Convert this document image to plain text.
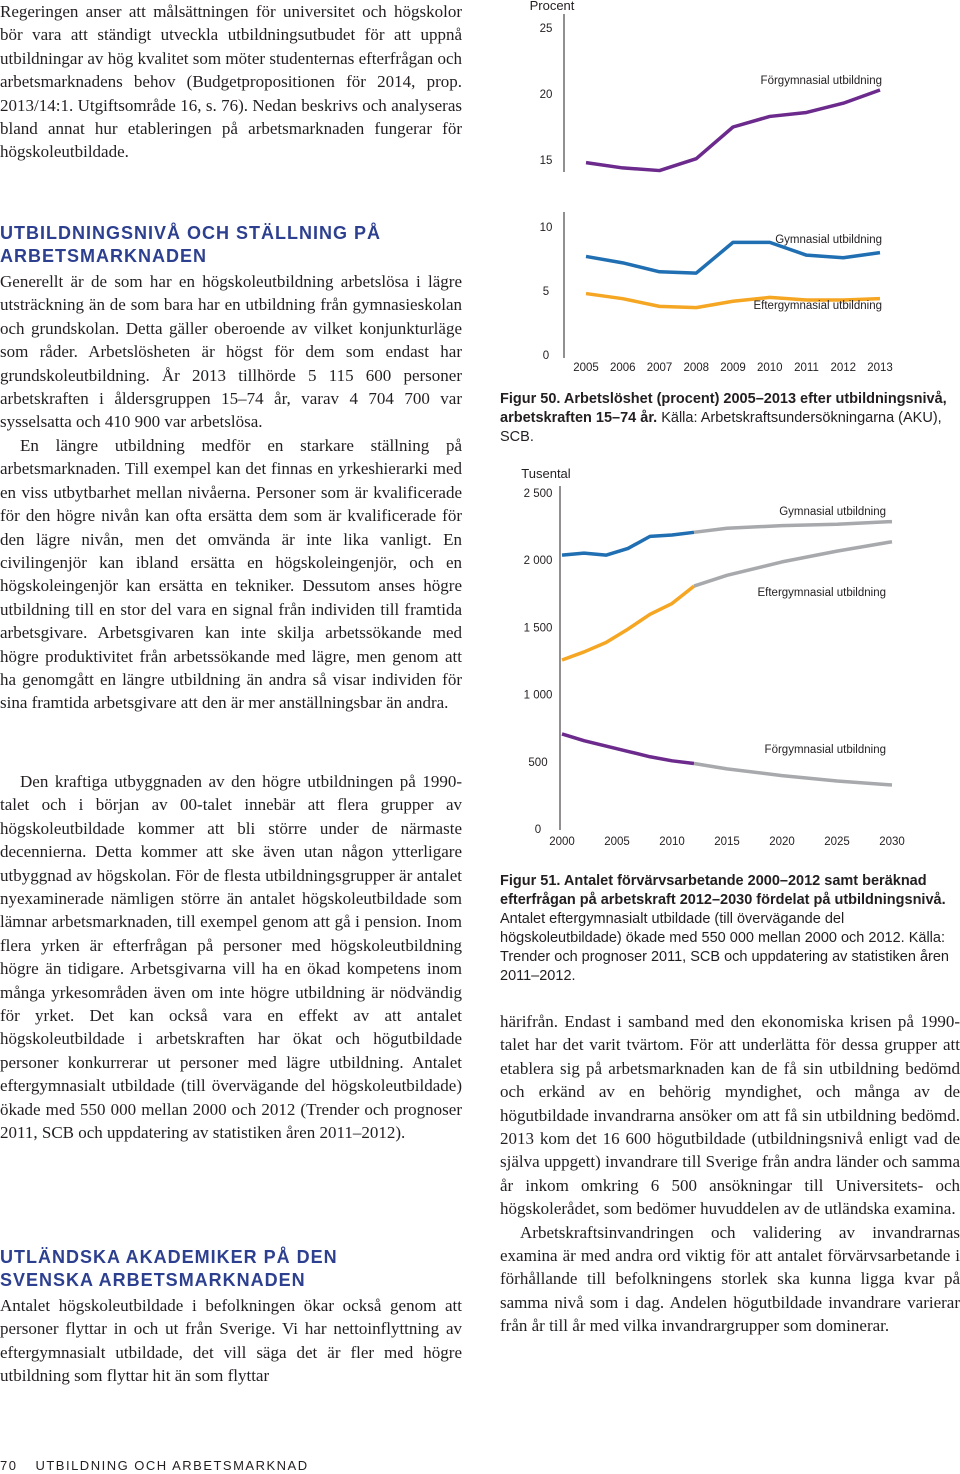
Regeringen anser att målsättningen för universitet och högskolor bör vara att ständigt utveckla utbildningsutbudet för att uppnå utbildningar av hög kvalitet som möter studenternas efterfrågan och arbetsmarknadens behov (Budgetpropositionen för 2014, prop. 2013/14:1. Utgiftsområde 16, s. 76). Nedan beskrivs och analyseras bland annat hur etableringen på arbetsmarknaden fungerar för högskoleutbildade.

UTBILDNINGSNIVÅ OCH STÄLLNING PÅ ARBETSMARKNADEN

Generellt är de som har en högskoleutbildning arbetslösa i lägre utsträckning än de som bara har en utbildning från gymnasieskolan och grundskolan. Detta gäller oberoende av vilket konjunkturläge som råder. Arbetslösheten är högst för dem som endast har grundskoleutbildning. År 2013 tillhörde 5 115 600 personer arbetskraften i åldersgruppen 15–74 år, varav 4 704 700 var sysselsatta och 410 900 var arbetslösa.

En längre utbildning medför en starkare ställning på arbetsmarknaden. Till exempel kan det finnas en yrkeshierarki med en viss utbytbarhet mellan nivåerna. Personer som är kvalificerade för den högre nivån kan ofta ersätta dem som är kvalificerade för den lägre nivån, men det omvända är inte lika vanligt. En civilingenjör kan ibland ersätta en högskoleingenjör, och en högskoleingenjör kan ersätta en tekniker. Dessutom anses högre utbildning till en stor del vara en signal från individen till framtida arbetsgivare. Arbetsgivaren kan inte skilja arbetssökande med högre produktivitet från arbetssökande med lägre, men genom att ha genomgått en längre utbildning än andra så visar individen för sina framtida arbetsgivare att den är mer anställningsbar än andra.

Den kraftiga utbyggnaden av den högre utbildningen på 1990-talet och i början av 00-talet innebär att flera grupper av högskoleutbildade kommer att bli större under de närmaste decennierna. Detta kommer att ske även utan någon ytterligare utbyggnad av högskolan. För de flesta utbildningsgrupper är antalet nyexaminerade nämligen större än antalet högskoleutbildade som lämnar arbetsmarknaden, till exempel genom att gå i pension. Inom flera yrken är efterfrågan på personer med högskoleutbildning högre än tidigare. Arbetsgivarna vill ha en ökad kompetens inom många yrkesområden även om inte högre utbildning är nödvändig för yrket. Det kan också vara en effekt av att antalet högskoleutbildade i arbetskraften har ökat och högutbildade personer konkurrerar ut personer med lägre utbildning. Antalet eftergymnasialt utbildade (till övervägande del högskoleutbildade) ökade med 550 000 mellan 2000 och 2012 (Trender och prognoser 2011, SCB och uppdatering av statistiken åren 2011–2012).

UTLÄNDSKA AKADEMIKER PÅ DEN SVENSKA ARBETSMARKNADEN

Antalet högskoleutbildade i befolkningen ökar också genom att personer flyttar in och ut från Sverige. Vi har nettoinflyttning av eftergymnasialt utbildade, det vill säga det är fler med högre utbildning som flyttar hit än som flyttar

Procent
15
20
25
0
5
10
2005 2006 2007 2008 2009 2010 2011 2012 2013
Förgymnasial utbildning
Gymnasial utbildning
Eftergymnasial utbildning
Figur 50. Arbetslöshet (procent) 2005–2013 efter utbildningsnivå, arbetskraften 15–74 år. Källa: Arbetskraftsundersökningarna (AKU), SCB.
Tusental
0
500
1 000
1 500
2 000
2 500
2000	2005	2010	2015	2020	2025	2030
Gymnasial utbildning
Eftergymnasial utbildning
Förgymnasial utbildning
Figur 51. Antalet förvärvsarbetande 2000–2012 samt beräknad efterfrågan på arbetskraft 2012–2030 fördelat på utbildningsnivå. Antalet eftergymnasialt utbildade (till övervägande del högskoleutbildade) ökade med 550 000 mellan 2000 och 2012. Källa: Trender och prognoser 2011, SCB och uppdatering av statistiken åren 2011–2012.

härifrån. Endast i samband med den ekonomiska krisen på 1990-talet har det varit tvärtom. För att underlätta för dessa grupper att etablera sig på arbetsmarknaden kan de få sin utbildning bedömd och erkänd av en behörig myndighet, och många av de högutbildade invandrarna ansöker om att få sin utbildning bedömd. 2013 kom det 16 600 högutbildade (utbildningsnivå enligt vad de själva uppgett) invandrare till Sverige från andra länder och samma år inkom omkring 6 500 ansökningar till Universitets- och högskolerådet, som bedömer huvuddelen av de utländska examina.

Arbetskraftsinvandringen och validering av invandrarnas examina är med andra ord viktig för att antalet förvärvsarbetande i förhållande till befolkningens storlek ska kunna ligga kvar på samma nivå som i dag. Andelen högutbildade invandrare varierar från år till år med vilka invandrargrupper som dominerar.

70 UTBILDNING OCH ARBETSMARKNAD
